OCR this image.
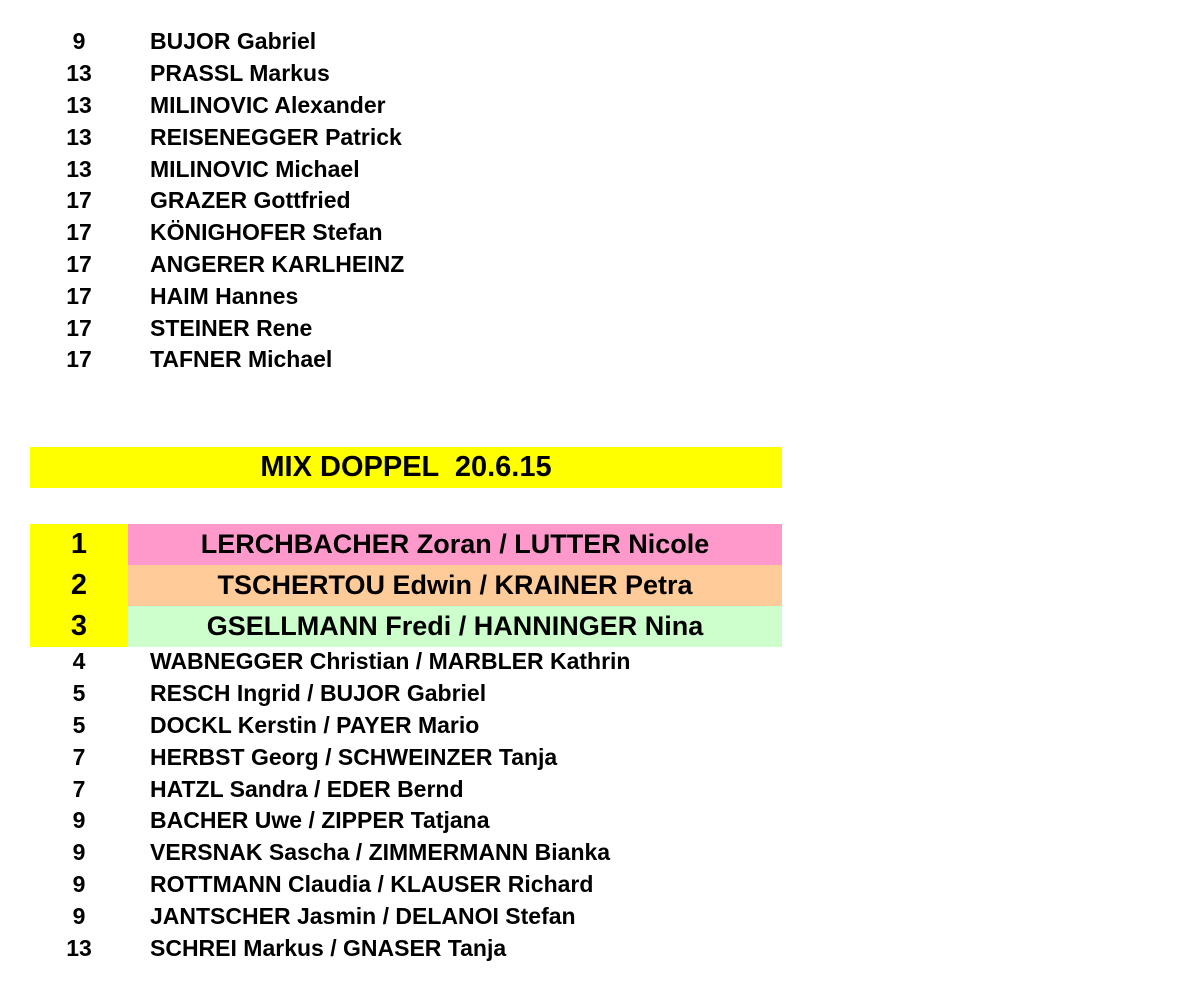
9	BUJOR Gabriel
13	PRASSL Markus
13	MILINOVIC Alexander
13	REISENEGGER Patrick
13	MILINOVIC Michael
17	GRAZER Gottfried
17	KÖNIGHOFER Stefan
17	ANGERER KARLHEINZ
17	HAIM Hannes
17	STEINER Rene
17	TAFNER Michael
MIX DOPPEL  20.6.15
1	LERCHBACHER Zoran / LUTTER Nicole
2	TSCHERTOU Edwin / KRAINER Petra
3	GSELLMANN Fredi / HANNINGER Nina
4	WABNEGGER Christian / MARBLER Kathrin
5	RESCH Ingrid / BUJOR Gabriel
5	DOCKL Kerstin / PAYER Mario
7	HERBST Georg / SCHWEINZER Tanja
7	HATZL Sandra / EDER Bernd
9	BACHER Uwe / ZIPPER Tatjana
9	VERSNAK Sascha / ZIMMERMANN Bianka
9	ROTTMANN Claudia / KLAUSER Richard
9	JANTSCHER Jasmin / DELANOI Stefan
13	SCHREI Markus / GNASER Tanja
